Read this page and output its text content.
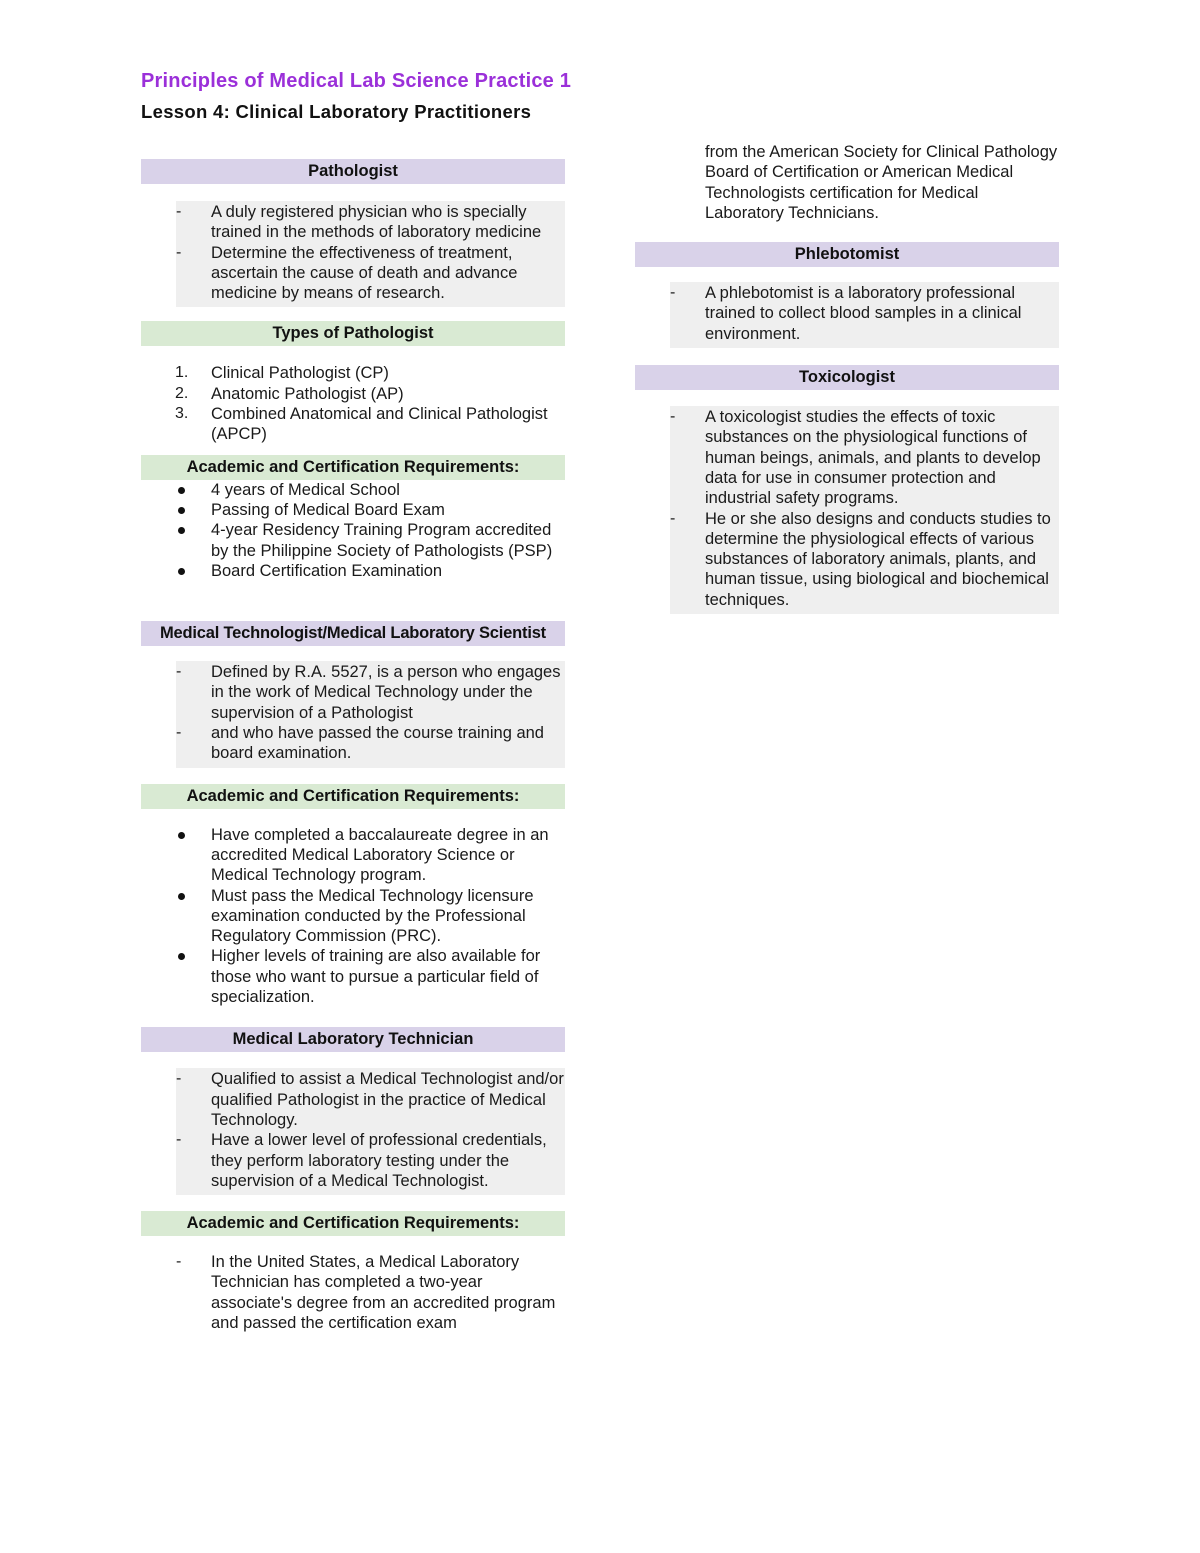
Principles of Medical Lab Science Practice 1
Lesson 4: Clinical Laboratory Practitioners
Pathologist
-	A duly registered physician who is specially trained in the methods of laboratory medicine
-	Determine the effectiveness of treatment, ascertain the cause of death and advance medicine by means of research.
Types of Pathologist
1.	Clinical Pathologist (CP)
2.	Anatomic Pathologist (AP)
3.	Combined Anatomical and Clinical Pathologist (APCP)
Academic and Certification Requirements:
4 years of Medical School
Passing of Medical Board Exam
4-year Residency Training Program accredited by the Philippine Society of Pathologists (PSP)
Board Certification Examination
Medical Technologist/Medical Laboratory Scientist
-	Defined by R.A. 5527, is a person who engages in the work of Medical Technology under the supervision of a Pathologist
-	and who have passed the course training and board examination.
Academic and Certification Requirements:
Have completed a baccalaureate degree in an accredited Medical Laboratory Science or Medical Technology program.
Must pass the Medical Technology licensure examination conducted by the Professional Regulatory Commission (PRC).
Higher levels of training are also available for those who want to pursue a particular field of specialization.
Medical Laboratory Technician
-	Qualified to assist a Medical Technologist and/or qualified Pathologist in the practice of Medical Technology.
-	Have a lower level of professional credentials, they perform laboratory testing under the supervision of a Medical Technologist.
Academic and Certification Requirements:
-	In the United States, a Medical Laboratory Technician has completed a two-year associate's degree from an accredited program and passed the certification exam
from the American Society for Clinical Pathology Board of Certification or American Medical Technologists certification for Medical Laboratory Technicians.
Phlebotomist
-	A phlebotomist is a laboratory professional trained to collect blood samples in a clinical environment.
Toxicologist
-	A toxicologist studies the effects of toxic substances on the physiological functions of human beings, animals, and plants to develop data for use in consumer protection and industrial safety programs.
-	He or she also designs and conducts studies to determine the physiological effects of various substances of laboratory animals, plants, and human tissue, using biological and biochemical techniques.
